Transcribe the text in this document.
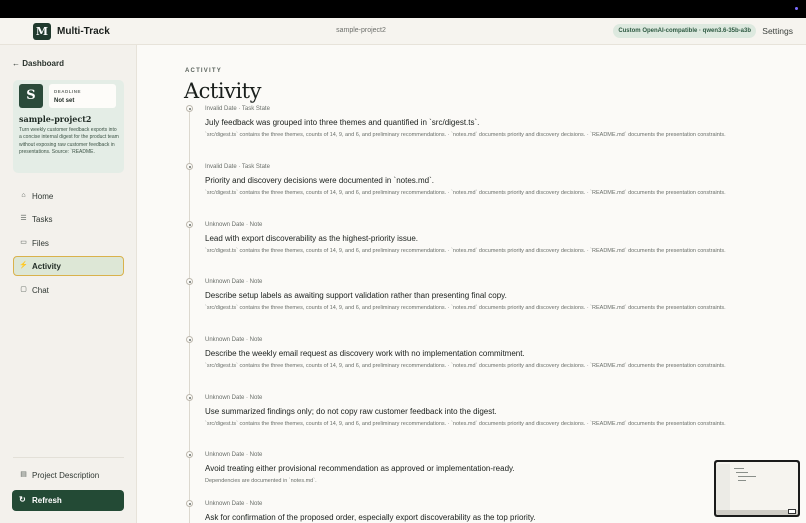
M Multi-Track	sample-project2	Custom OpenAI-compatible · qwen3.6-35b-a3b	Settings
← Dashboard
S	DEADLINE
Not set
sample-project2
Turn weekly customer feedback exports into a concise internal digest for the product team without exposing raw customer feedback in presentations. Source: `README.
⌂ Home
☰ Tasks
▭ Files
⚡ Activity
▢ Chat
▤ Project Description
↻ Refresh
ACTIVITY
Activity
Invalid Date · Task State
July feedback was grouped into three themes and quantified in `src/digest.ts`.
`src/digest.ts` contains the three themes, counts of 14, 9, and 6, and preliminary recommendations. · `notes.md` documents priority and discovery decisions. · `README.md` documents the presentation constraints.
Invalid Date · Task State
Priority and discovery decisions were documented in `notes.md`.
`src/digest.ts` contains the three themes, counts of 14, 9, and 6, and preliminary recommendations. · `notes.md` documents priority and discovery decisions. · `README.md` documents the presentation constraints.
Unknown Date · Note
Lead with export discoverability as the highest-priority issue.
`src/digest.ts` contains the three themes, counts of 14, 9, and 6, and preliminary recommendations. · `notes.md` documents priority and discovery decisions. · `README.md` documents the presentation constraints.
Unknown Date · Note
Describe setup labels as awaiting support validation rather than presenting final copy.
`src/digest.ts` contains the three themes, counts of 14, 9, and 6, and preliminary recommendations. · `notes.md` documents priority and discovery decisions. · `README.md` documents the presentation constraints.
Unknown Date · Note
Describe the weekly email request as discovery work with no implementation commitment.
`src/digest.ts` contains the three themes, counts of 14, 9, and 6, and preliminary recommendations. · `notes.md` documents priority and discovery decisions. · `README.md` documents the presentation constraints.
Unknown Date · Note
Use summarized findings only; do not copy raw customer feedback into the digest.
`src/digest.ts` contains the three themes, counts of 14, 9, and 6, and preliminary recommendations. · `notes.md` documents priority and discovery decisions. · `README.md` documents the presentation constraints.
Unknown Date · Note
Avoid treating either provisional recommendation as approved or implementation-ready.
Dependencies are documented in `notes.md`.
Unknown Date · Note
Ask for confirmation of the proposed order, especially export discoverability as the top priority.
